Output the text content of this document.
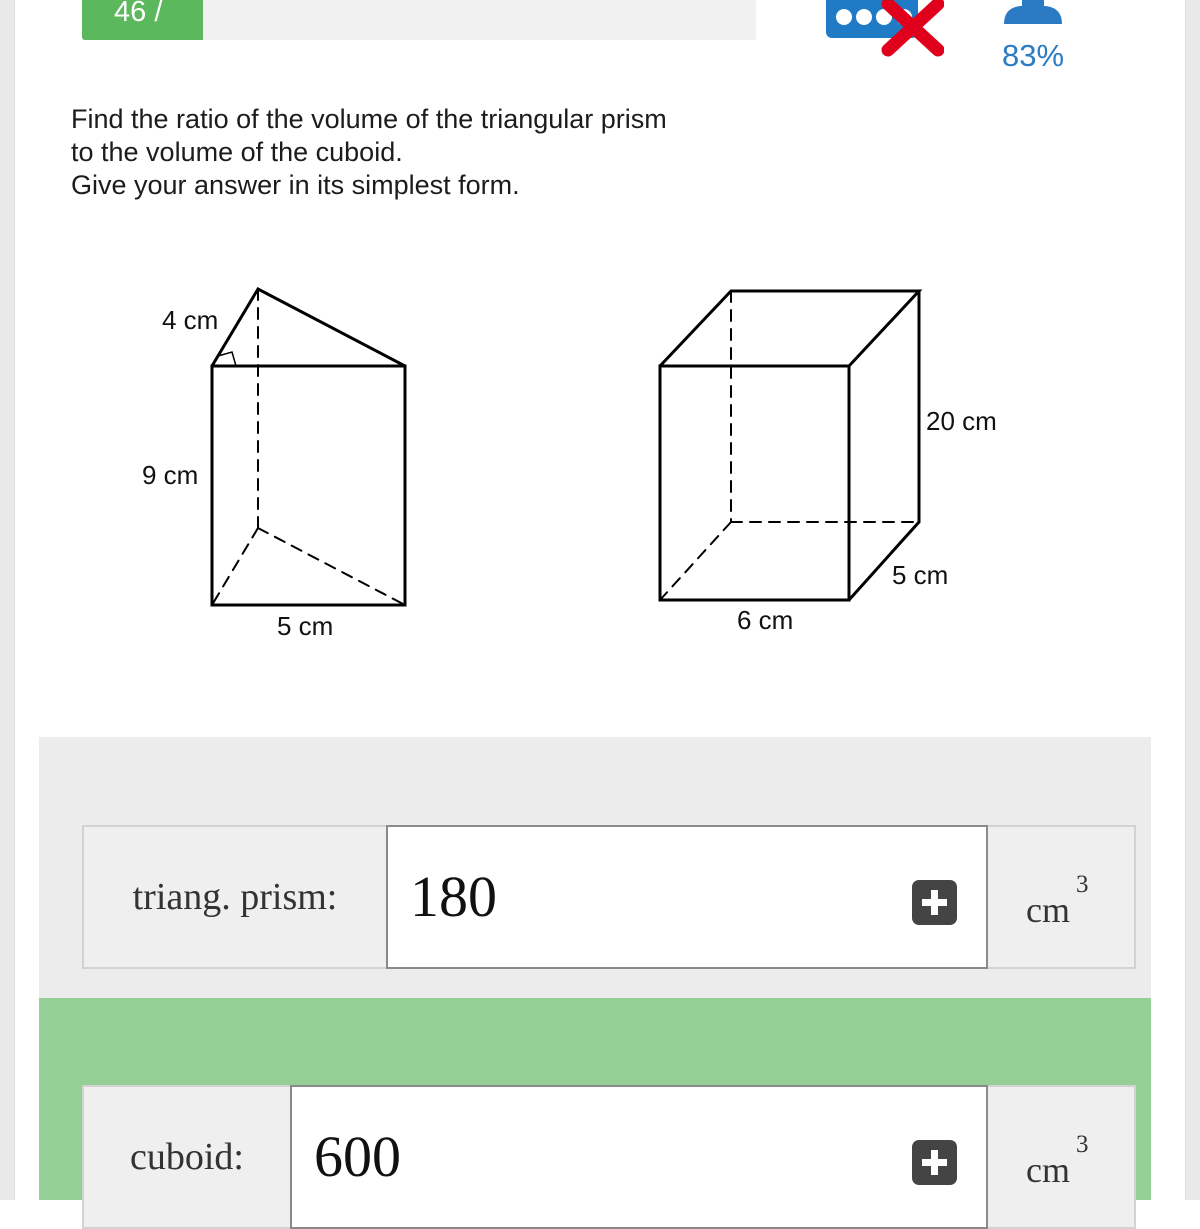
46 /
83%

Find the ratio of the volume of the triangular prism

to the volume of the cuboid.

Give your answer in its simplest form.

4 cm
9 cm
5 cm
20 cm
5 cm
6 cm
triang. prism:	180	cm
3
cuboid:	600	cm
3
